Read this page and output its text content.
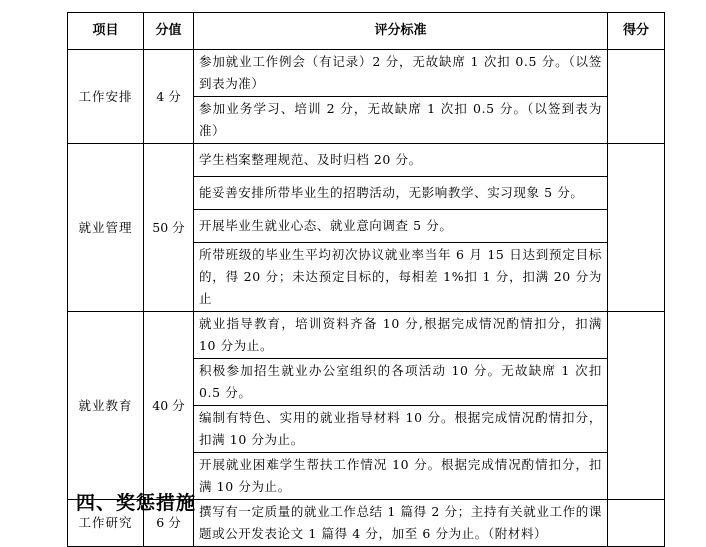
项目	分值	评分标准	得分
工作安排	4 分	参加就业工作例会（有记录）2 分，无故缺席 1 次扣 0.5 分。（以签到表为准）	
		参加业务学习、培训 2 分，无故缺席 1 次扣 0.5 分。（以签到表为准）	
就业管理	50 分	学生档案整理规范、及时归档 20 分。	
		能妥善安排所带毕业生的招聘活动，无影响教学、实习现象 5 分。	
		开展毕业生就业心态、就业意向调查 5 分。	
		所带班级的毕业生平均初次协议就业率当年 6 月 15 日达到预定目标的，得 20 分；未达预定目标的，每相差 1%扣 1 分，扣满 20 分为止	
就业教育	40 分	就业指导教育，培训资料齐备 10 分,根据完成情况酌情扣分，扣满 10 分为止。	
		积极参加招生就业办公室组织的各项活动 10 分。无故缺席 1 次扣 0.5 分。	
		编制有特色、实用的就业指导材料 10 分。根据完成情况酌情扣分，扣满 10 分为止。	
		开展就业困难学生帮扶工作情况 10 分。根据完成情况酌情扣分，扣满 10 分为止。	
工作研究	6 分	撰写有一定质量的就业工作总结 1 篇得 2 分；主持有关就业工作的课题或公开发表论文 1 篇得 4 分，加至 6 分为止。（附材料）	
四、奖惩措施
